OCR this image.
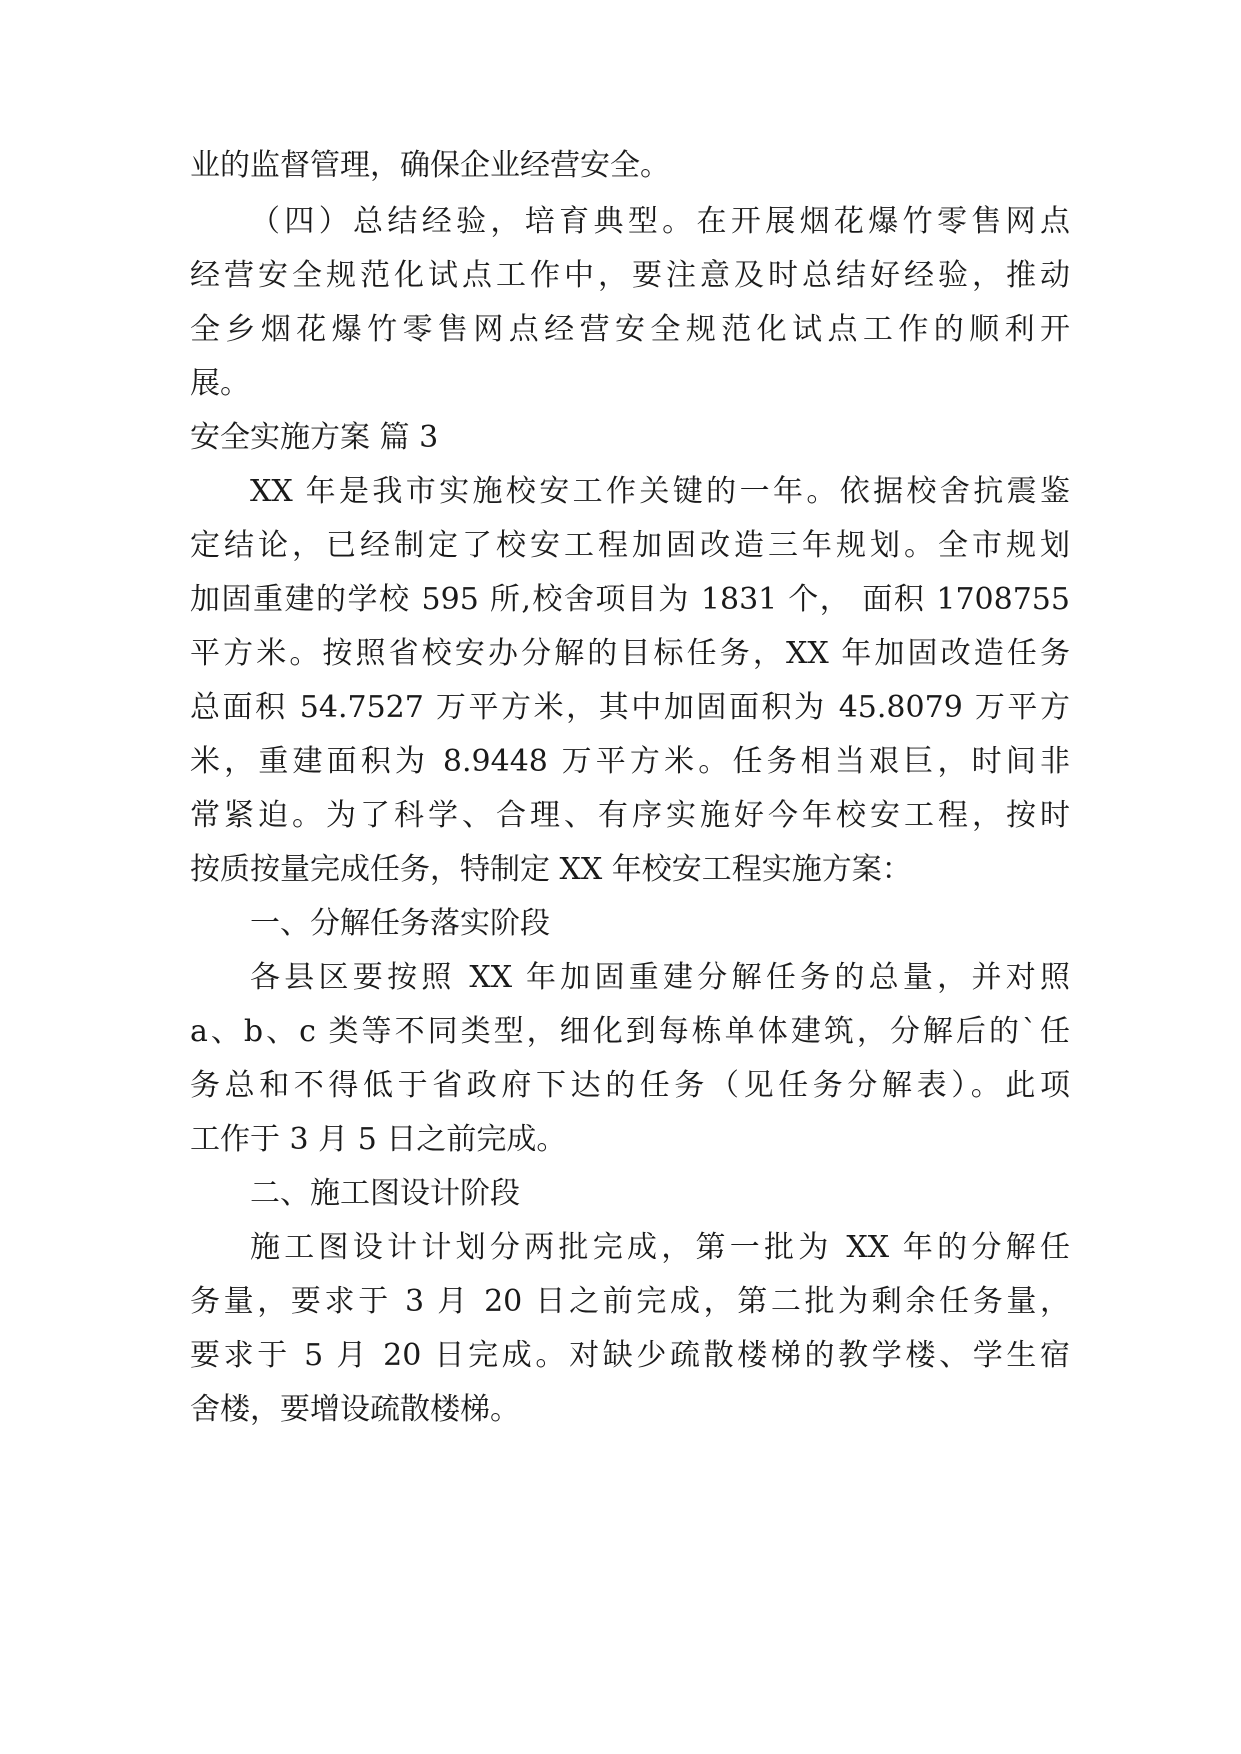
业的监督管理，确保企业经营安全。
（四）总结经验，培育典型。在开展烟花爆竹零售网点
经营安全规范化试点工作中，要注意及时总结好经验，推动
全乡烟花爆竹零售网点经营安全规范化试点工作的顺利开
展。
安全实施方案 篇 3
XX 年是我市实施校安工作关键的一年。依据校舍抗震鉴
定结论，已经制定了校安工程加固改造三年规划。全市规划
加固重建的学校 595 所,校舍项目为 1831 个， 面积 1708755
平方米。按照省校安办分解的目标任务，XX 年加固改造任务
总面积 54.7527 万平方米，其中加固面积为 45.8079 万平方
米，重建面积为 8.9448 万平方米。任务相当艰巨，时间非
常紧迫。为了科学、合理、有序实施好今年校安工程，按时
按质按量完成任务，特制定 XX 年校安工程实施方案：
一、分解任务落实阶段
各县区要按照 XX 年加固重建分解任务的总量，并对照
a、b、c 类等不同类型，细化到每栋单体建筑，分解后的`任
务总和不得低于省政府下达的任务（见任务分解表）。此项
工作于 3 月 5 日之前完成。
二、施工图设计阶段
施工图设计计划分两批完成，第一批为 XX 年的分解任
务量，要求于 3 月 20 日之前完成，第二批为剩余任务量，
要求于 5 月 20 日完成。对缺少疏散楼梯的教学楼、学生宿
舍楼，要增设疏散楼梯。
